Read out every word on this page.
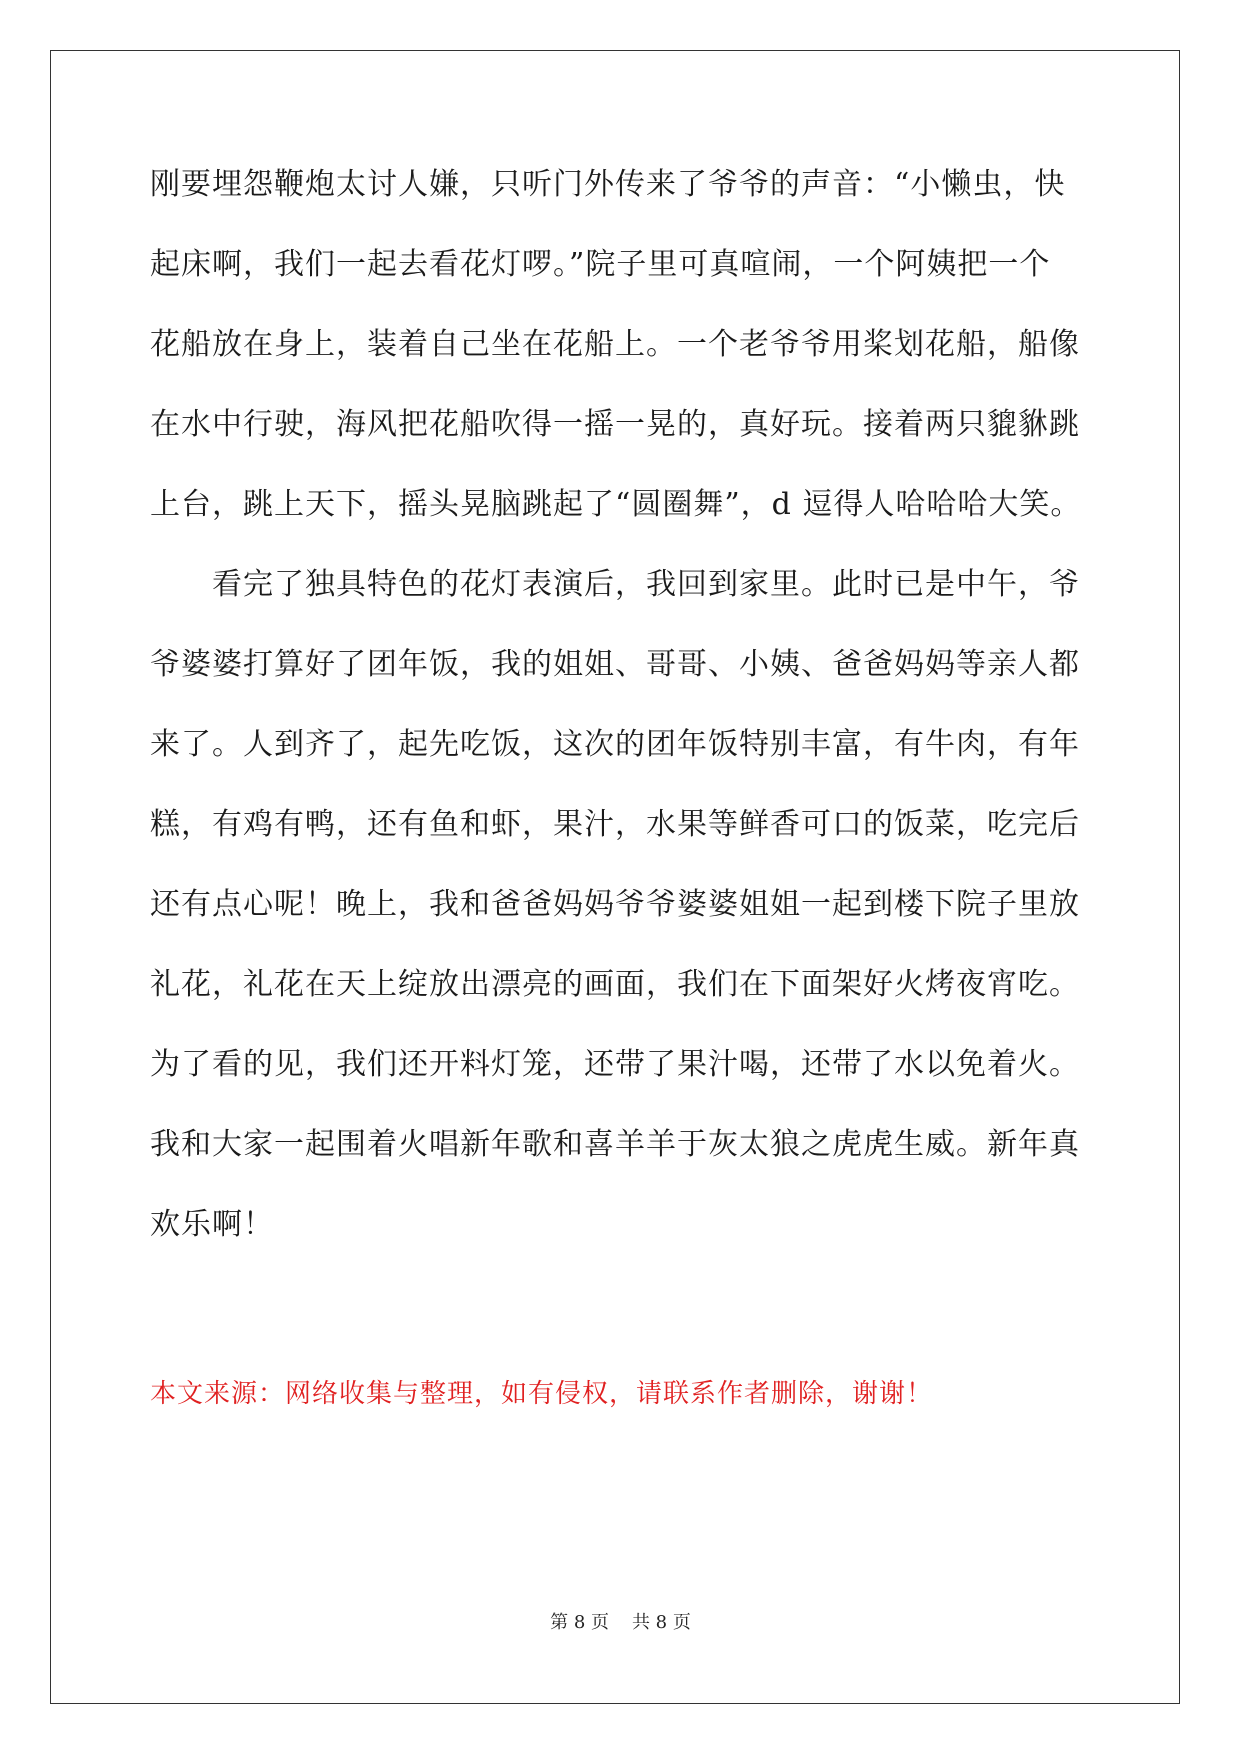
刚要埋怨鞭炮太讨人嫌，只听门外传来了爷爷的声音：“小懒虫，快
起床啊，我们一起去看花灯啰。”院子里可真喧闹，一个阿姨把一个
花船放在身上，装着自己坐在花船上。一个老爷爷用桨划花船，船像
在水中行驶，海风把花船吹得一摇一晃的，真好玩。接着两只貔貅跳
上台，跳上天下，摇头晃脑跳起了“圆圈舞”，d 逗得人哈哈哈大笑。
　　看完了独具特色的花灯表演后，我回到家里。此时已是中午，爷
爷婆婆打算好了团年饭，我的姐姐、哥哥、小姨、爸爸妈妈等亲人都
来了。人到齐了，起先吃饭，这次的团年饭特别丰富，有牛肉，有年
糕，有鸡有鸭，还有鱼和虾，果汁，水果等鲜香可口的饭菜，吃完后
还有点心呢！晚上，我和爸爸妈妈爷爷婆婆姐姐一起到楼下院子里放
礼花，礼花在天上绽放出漂亮的画面，我们在下面架好火烤夜宵吃。
为了看的见，我们还开料灯笼，还带了果汁喝，还带了水以免着火。
我和大家一起围着火唱新年歌和喜羊羊于灰太狼之虎虎生威。新年真
欢乐啊！
本文来源：网络收集与整理，如有侵权，请联系作者删除，谢谢！
第 8 页    共 8 页
